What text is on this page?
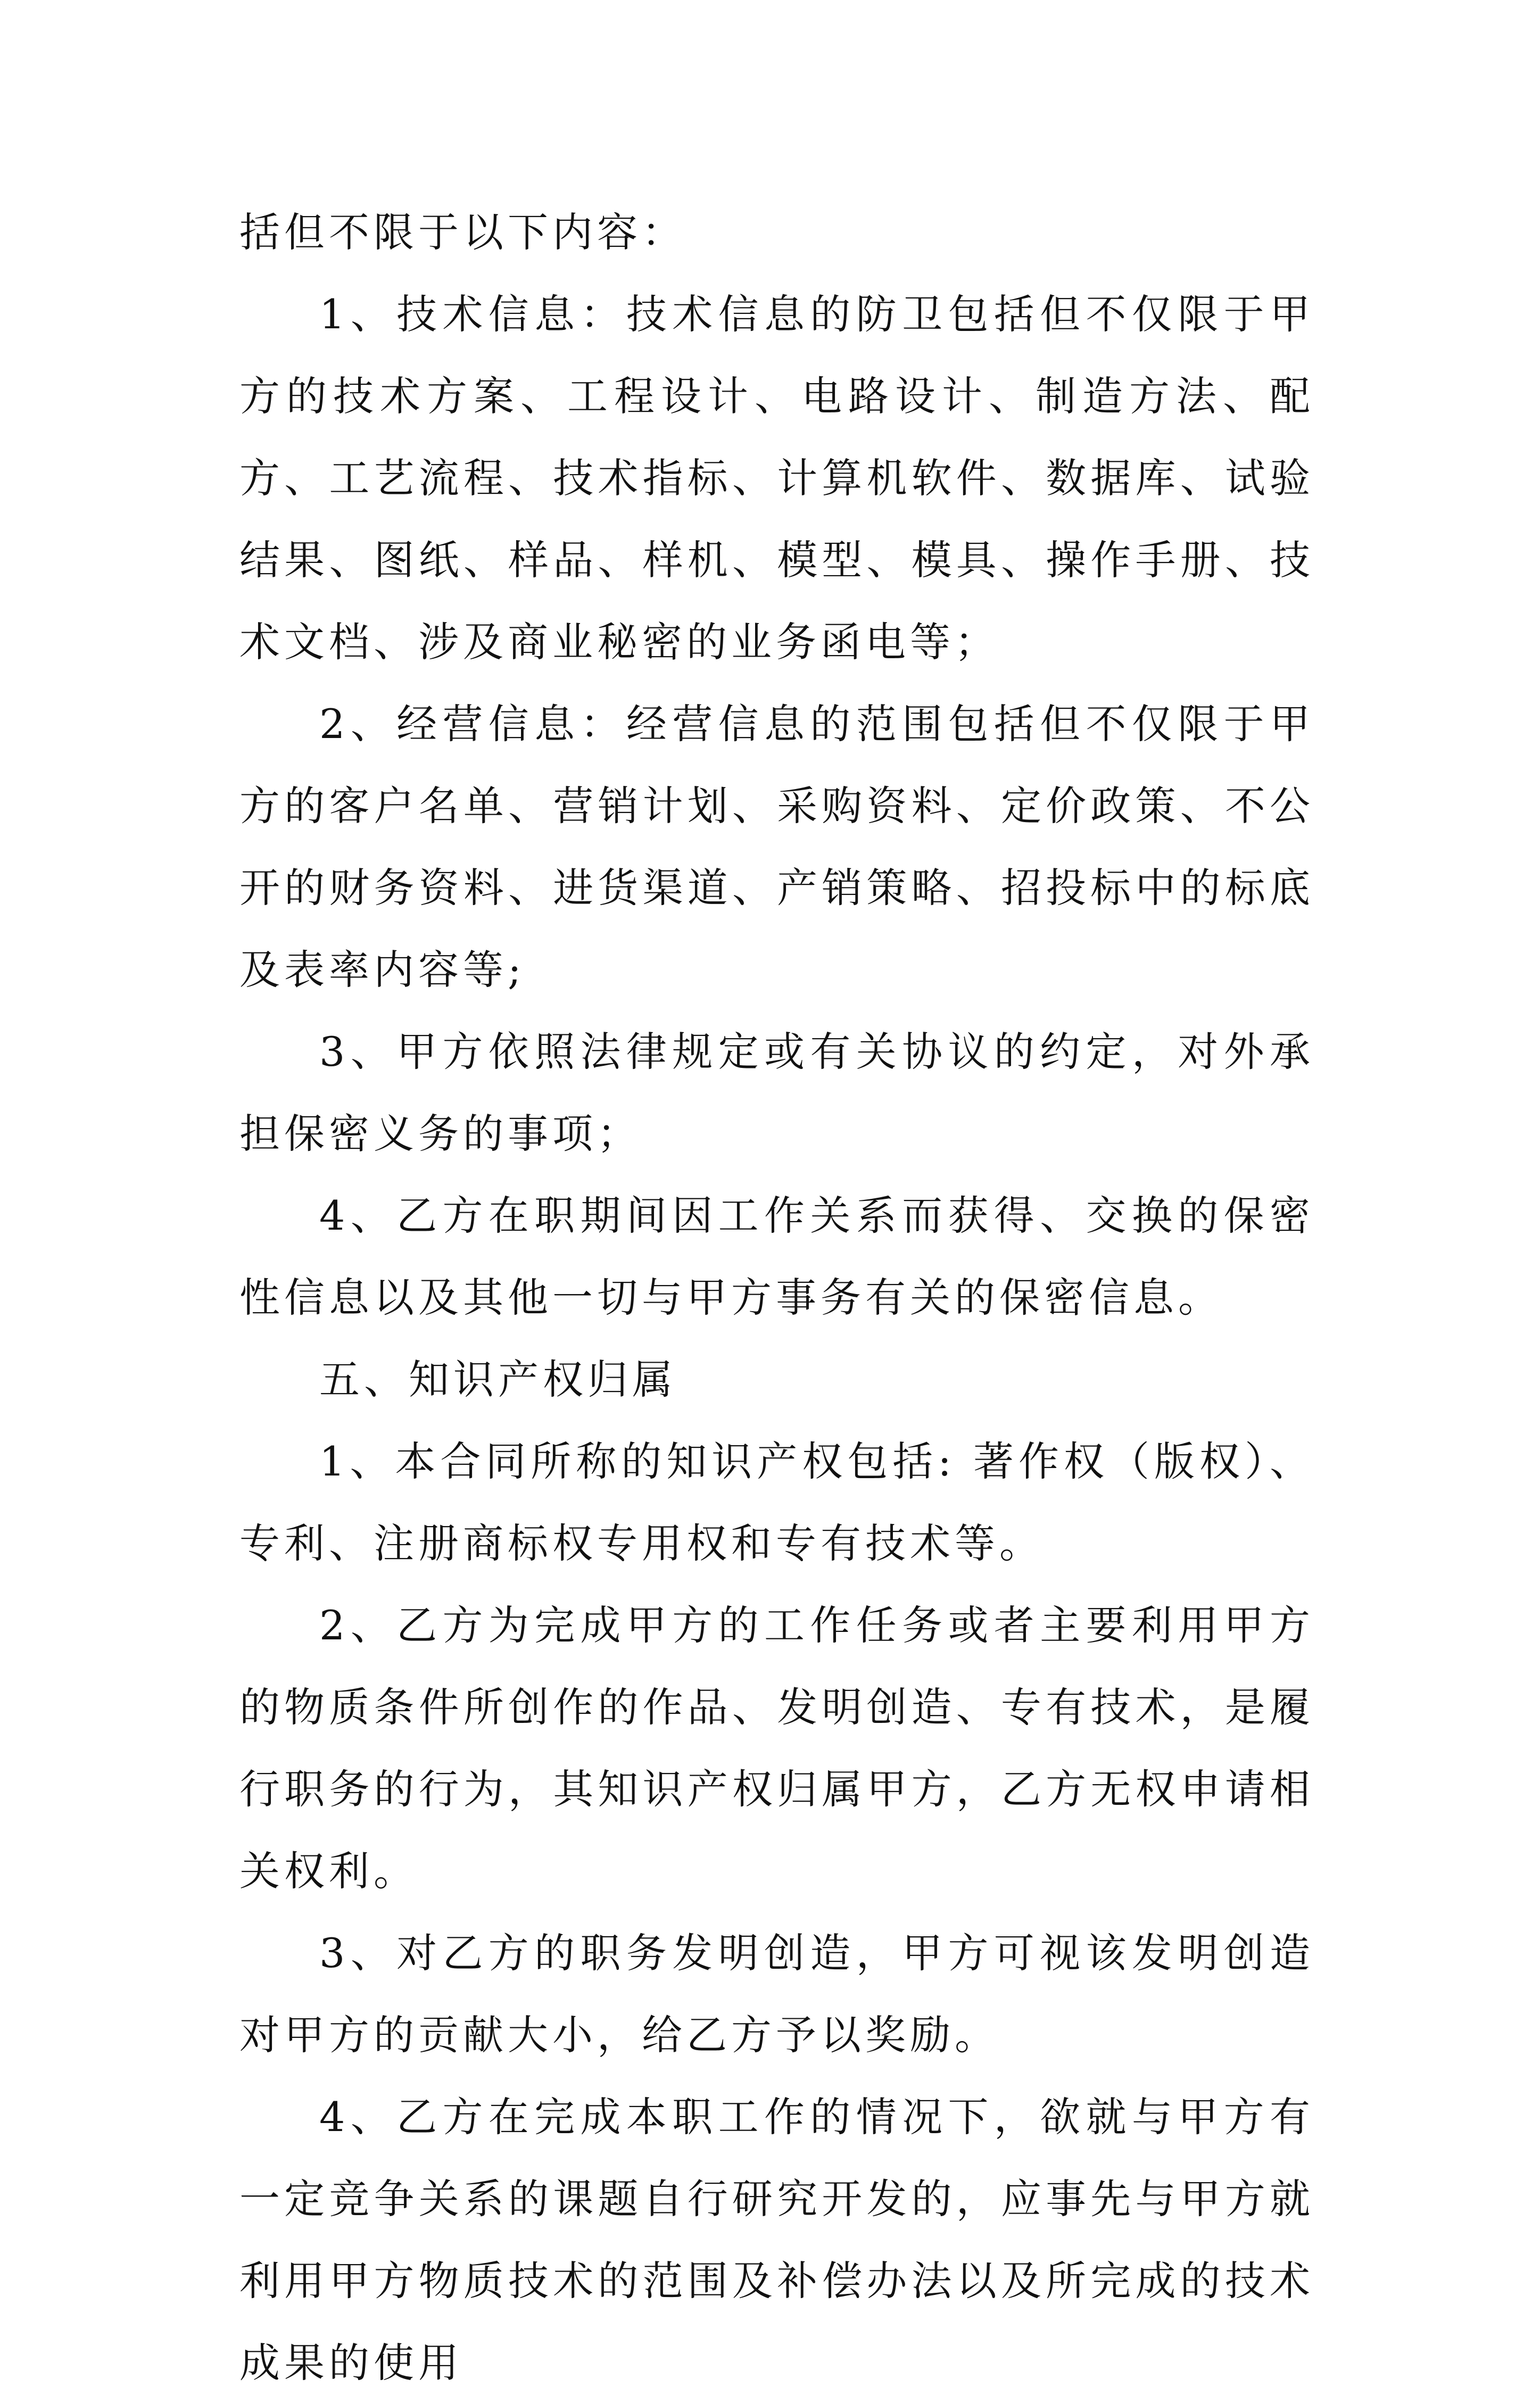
括但不限于以下内容：

1、技术信息：技术信息的防卫包括但不仅限于甲方的技术方案、工程设计、电路设计、制造方法、配方、工艺流程、技术指标、计算机软件、数据库、试验结果、图纸、样品、样机、模型、模具、操作手册、技术文档、涉及商业秘密的业务函电等；

2、经营信息：经营信息的范围包括但不仅限于甲方的客户名单、营销计划、采购资料、定价政策、不公开的财务资料、进货渠道、产销策略、招投标中的标底及表率内容等;

3、甲方依照法律规定或有关协议的约定，对外承担保密义务的事项；

4、乙方在职期间因工作关系而获得、交换的保密性信息以及其他一切与甲方事务有关的保密信息。

五、知识产权归属

1、本合同所称的知识产权包括: 著作权（版权）、专利、注册商标权专用权和专有技术等。

2、乙方为完成甲方的工作任务或者主要利用甲方的物质条件所创作的作品、发明创造、专有技术，是履行职务的行为，其知识产权归属甲方，乙方无权申请相关权利。

3、对乙方的职务发明创造，甲方可视该发明创造对甲方的贡献大小，给乙方予以奖励。

4、乙方在完成本职工作的情况下，欲就与甲方有一定竞争关系的课题自行研究开发的，应事先与甲方就利用甲方物质技术的范围及补偿办法以及所完成的技术成果的使用
